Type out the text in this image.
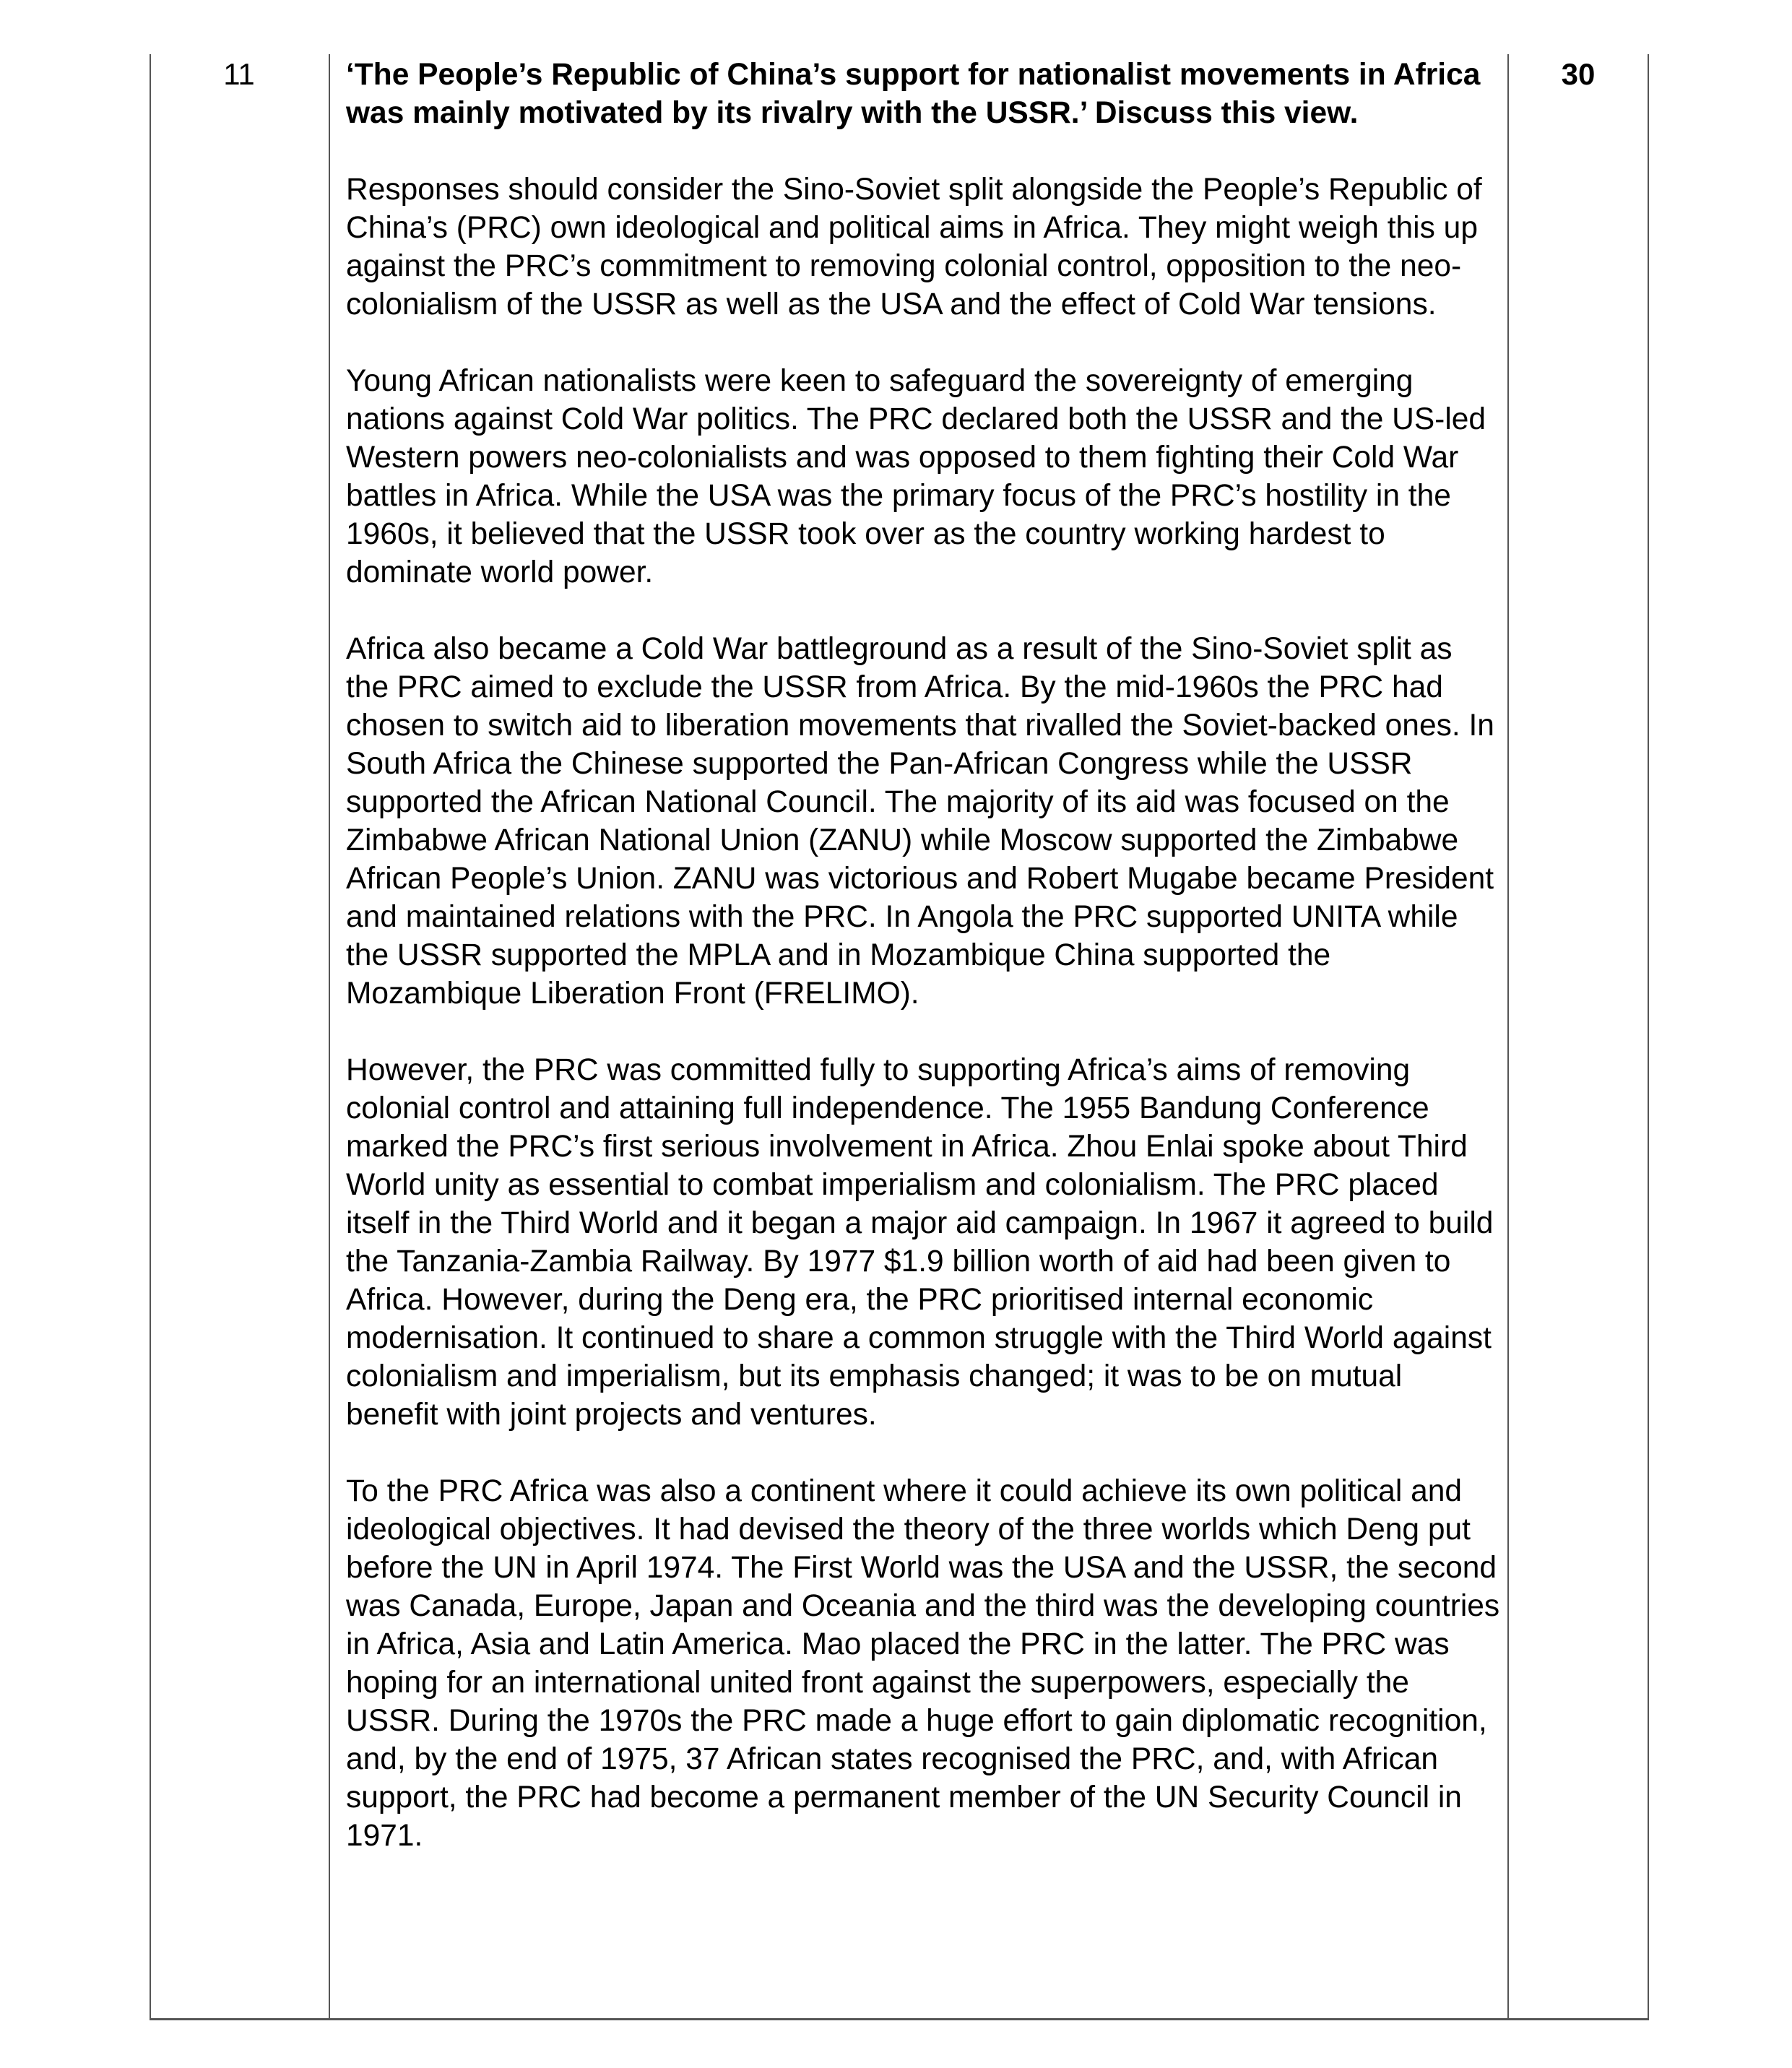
11	‘The People’s Republic of China’s support for nationalist movements in Africa was mainly motivated by its rivalry with the USSR.’ Discuss this view.

Responses should consider the Sino-Soviet split alongside the People’s Republic of China’s (PRC) own ideological and political aims in Africa. They might weigh this up against the PRC’s commitment to removing colonial control, opposition to the neo-colonialism of the USSR as well as the USA and the effect of Cold War tensions.

Young African nationalists were keen to safeguard the sovereignty of emerging nations against Cold War politics. The PRC declared both the USSR and the US-led Western powers neo-colonialists and was opposed to them fighting their Cold War battles in Africa. While the USA was the primary focus of the PRC’s hostility in the 1960s, it believed that the USSR took over as the country working hardest to dominate world power.

Africa also became a Cold War battleground as a result of the Sino-Soviet split as the PRC aimed to exclude the USSR from Africa. By the mid-1960s the PRC had chosen to switch aid to liberation movements that rivalled the Soviet-backed ones. In South Africa the Chinese supported the Pan-African Congress while the USSR supported the African National Council. The majority of its aid was focused on the Zimbabwe African National Union (ZANU) while Moscow supported the Zimbabwe African People’s Union. ZANU was victorious and Robert Mugabe became President and maintained relations with the PRC. In Angola the PRC supported UNITA while the USSR supported the MPLA and in Mozambique China supported the Mozambique Liberation Front (FRELIMO).

However, the PRC was committed fully to supporting Africa’s aims of removing colonial control and attaining full independence. The 1955 Bandung Conference marked the PRC’s first serious involvement in Africa. Zhou Enlai spoke about Third World unity as essential to combat imperialism and colonialism. The PRC placed itself in the Third World and it began a major aid campaign. In 1967 it agreed to build the Tanzania-Zambia Railway. By 1977 $1.9 billion worth of aid had been given to Africa. However, during the Deng era, the PRC prioritised internal economic modernisation. It continued to share a common struggle with the Third World against colonialism and imperialism, but its emphasis changed; it was to be on mutual benefit with joint projects and ventures.

To the PRC Africa was also a continent where it could achieve its own political and ideological objectives. It had devised the theory of the three worlds which Deng put before the UN in April 1974. The First World was the USA and the USSR, the second was Canada, Europe, Japan and Oceania and the third was the developing countries in Africa, Asia and Latin America. Mao placed the PRC in the latter. The PRC was hoping for an international united front against the superpowers, especially the USSR. During the 1970s the PRC made a huge effort to gain diplomatic recognition, and, by the end of 1975, 37 African states recognised the PRC, and, with African support, the PRC had become a permanent member of the UN Security Council in 1971.

30
